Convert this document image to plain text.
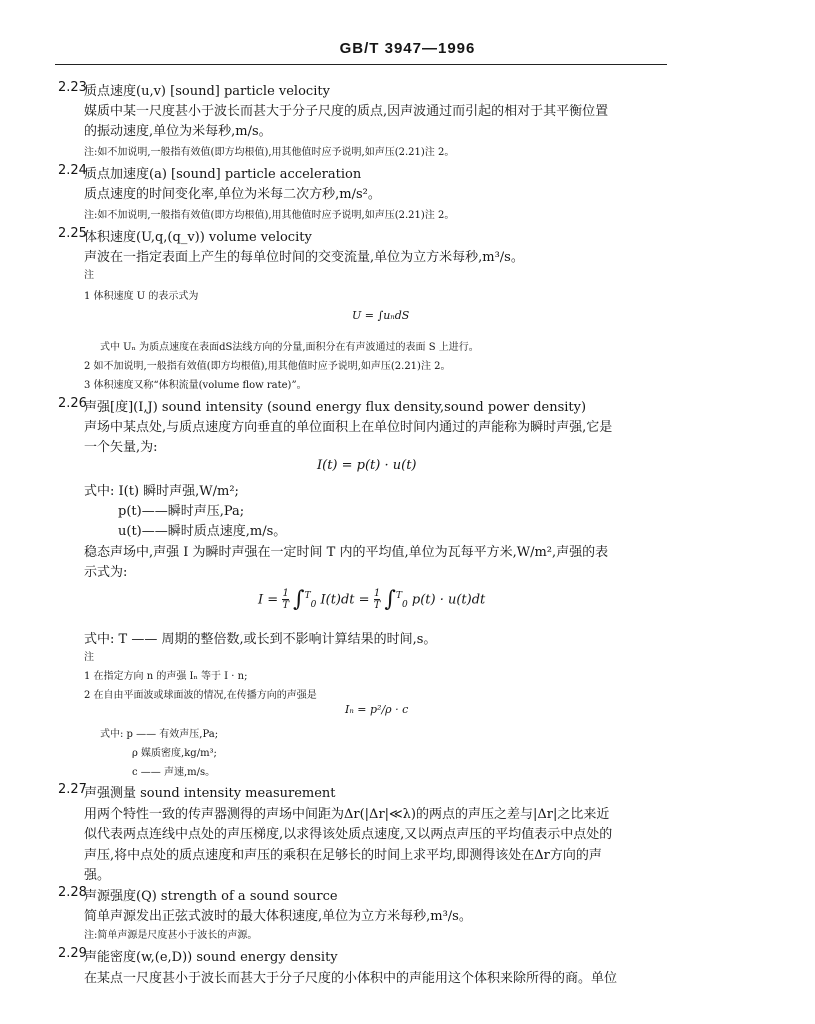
GB/T 3947—1996
2.23
质点速度(u,v) [sound] particle velocity
媒质中某一尺度甚小于波长而甚大于分子尺度的质点,因声波通过而引起的相对于其平衡位置
的振动速度,单位为米每秒,m/s。
注:如不加说明,一般指有效值(即方均根值),用其他值时应予说明,如声压(2.21)注 2。
2.24
质点加速度(a) [sound] particle acceleration
质点速度的时间变化率,单位为米每二次方秒,m/s²。
注:如不加说明,一般指有效值(即方均根值),用其他值时应予说明,如声压(2.21)注 2。
2.25
体积速度(U,q,(q_v)) volume velocity
声波在一指定表面上产生的每单位时间的交变流量,单位为立方米每秒,m³/s。
注
1 体积速度 U 的表示式为
U = ∫uₙdS
式中 Uₙ 为质点速度在表面dS法线方向的分量,面积分在有声波通过的表面 S 上进行。
2 如不加说明,一般指有效值(即方均根值),用其他值时应予说明,如声压(2.21)注 2。
3 体积速度又称“体积流量(volume flow rate)”。
2.26
声强[度](I,J) sound intensity (sound energy flux density,sound power density)
声场中某点处,与质点速度方向垂直的单位面积上在单位时间内通过的声能称为瞬时声强,它是
一个矢量,为:
I(t) = p(t) · u(t)
式中: I(t) 瞬时声强,W/m²;
p(t)——瞬时声压,Pa;
u(t)——瞬时质点速度,m/s。
稳态声场中,声强 I 为瞬时声强在一定时间 T 内的平均值,单位为瓦每平方米,W/m²,声强的表
示式为:
$I = \frac{1}{T} \int^T_0$ $I(t)dt = \frac{1}{T} \int^T_0$ p(t) · u(t)dt
式中: T —— 周期的整倍数,或长到不影响计算结果的时间,s。
注
1 在指定方向 n 的声强 Iₙ 等于 I · n;
2 在自由平面波或球面波的情况,在传播方向的声强是
Iₙ = p²/ρ · c
式中: p —— 有效声压,Pa;
ρ 媒质密度,kg/m³;
c —— 声速,m/s。
2.27
声强测量 sound intensity measurement
用两个特性一致的传声器测得的声场中间距为Δr(|Δr|≪λ)的两点的声压之差与|Δr|之比来近
似代表两点连线中点处的声压梯度,以求得该处质点速度,又以两点声压的平均值表示中点处的
声压,将中点处的质点速度和声压的乘积在足够长的时间上求平均,即测得该处在Δr方向的声
强。
2.28
声源强度(Q) strength of a sound source
简单声源发出正弦式波时的最大体积速度,单位为立方米每秒,m³/s。
注:简单声源是尺度甚小于波长的声源。
2.29
声能密度(w,(e,D)) sound energy density
在某点一尺度甚小于波长而甚大于分子尺度的小体积中的声能用这个体积来除所得的商。单位
